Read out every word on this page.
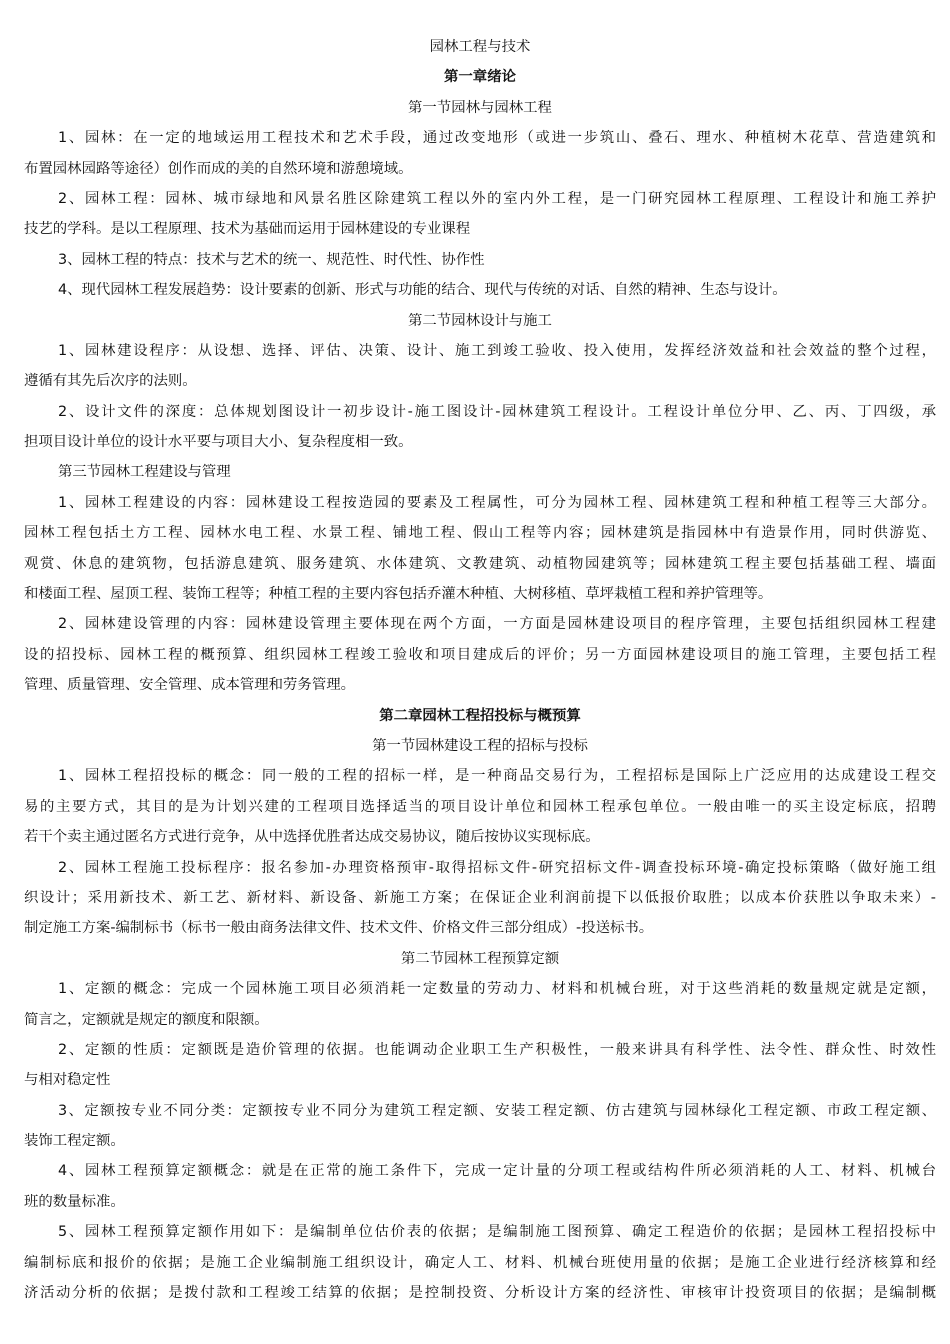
园林工程与技术
第一章绪论
第一节园林与园林工程
1、园林：在一定的地域运用工程技术和艺术手段，通过改变地形（或进一步筑山、叠石、理水、种植树木花草、营造建筑和
布置园林园路等途径）创作而成的美的自然环境和游憩境域。
2、园林工程：园林、城市绿地和风景名胜区除建筑工程以外的室内外工程，是一门研究园林工程原理、工程设计和施工养护
技艺的学科。是以工程原理、技术为基础而运用于园林建设的专业课程
3、园林工程的特点：技术与艺术的统一、规范性、时代性、协作性
4、现代园林工程发展趋势：设计要素的创新、形式与功能的结合、现代与传统的对话、自然的精神、生态与设计。
第二节园林设计与施工
1、园林建设程序：从设想、选择、评估、决策、设计、施工到竣工验收、投入使用，发挥经济效益和社会效益的整个过程，
遵循有其先后次序的法则。
2、设计文件的深度：总体规划图设计一初步设计-施工图设计-园林建筑工程设计。工程设计单位分甲、乙、丙、丁四级，承
担项目设计单位的设计水平要与项目大小、复杂程度相一致。
第三节园林工程建设与管理
1、园林工程建设的内容：园林建设工程按造园的要素及工程属性，可分为园林工程、园林建筑工程和种植工程等三大部分。
园林工程包括土方工程、园林水电工程、水景工程、铺地工程、假山工程等内容；园林建筑是指园林中有造景作用，同时供游览、
观赏、休息的建筑物，包括游息建筑、服务建筑、水体建筑、文教建筑、动植物园建筑等；园林建筑工程主要包括基础工程、墙面
和楼面工程、屋顶工程、装饰工程等；种植工程的主要内容包括乔灌木种植、大树移植、草坪栽植工程和养护管理等。
2、园林建设管理的内容：园林建设管理主要体现在两个方面，一方面是园林建设项目的程序管理，主要包括组织园林工程建
设的招投标、园林工程的概预算、组织园林工程竣工验收和项目建成后的评价；另一方面园林建设项目的施工管理，主要包括工程
管理、质量管理、安全管理、成本管理和劳务管理。
第二章园林工程招投标与概预算
第一节园林建设工程的招标与投标
1、园林工程招投标的概念：同一般的工程的招标一样，是一种商品交易行为，工程招标是国际上广泛应用的达成建设工程交
易的主要方式，其目的是为计划兴建的工程项目选择适当的项目设计单位和园林工程承包单位。一般由唯一的买主设定标底，招聘
若干个卖主通过匿名方式进行竞争，从中选择优胜者达成交易协议，随后按协议实现标底。
2、园林工程施工投标程序：报名参加-办理资格预审-取得招标文件-研究招标文件-调查投标环境-确定投标策略（做好施工组
织设计；采用新技术、新工艺、新材料、新设备、新施工方案；在保证企业利润前提下以低报价取胜；以成本价获胜以争取未来）-
制定施工方案-编制标书（标书一般由商务法律文件、技术文件、价格文件三部分组成）-投送标书。
第二节园林工程预算定额
1、定额的概念：完成一个园林施工项目必须消耗一定数量的劳动力、材料和机械台班，对于这些消耗的数量规定就是定额，
简言之，定额就是规定的额度和限额。
2、定额的性质：定额既是造价管理的依据。也能调动企业职工生产积极性，一般来讲具有科学性、法令性、群众性、时效性
与相对稳定性
3、定额按专业不同分类：定额按专业不同分为建筑工程定额、安装工程定额、仿古建筑与园林绿化工程定额、市政工程定额、
装饰工程定额。
4、园林工程预算定额概念：就是在正常的施工条件下，完成一定计量的分项工程或结构件所必须消耗的人工、材料、机械台
班的数量标准。
5、园林工程预算定额作用如下：是编制单位估价表的依据；是编制施工图预算、确定工程造价的依据；是园林工程招投标中
编制标底和报价的依据；是施工企业编制施工组织设计，确定人工、材料、机械台班使用量的依据；是施工企业进行经济核算和经
济活动分析的依据；是拨付款和工程竣工结算的依据；是控制投资、分析设计方案的经济性、审核审计投资项目的依据；是编制概
